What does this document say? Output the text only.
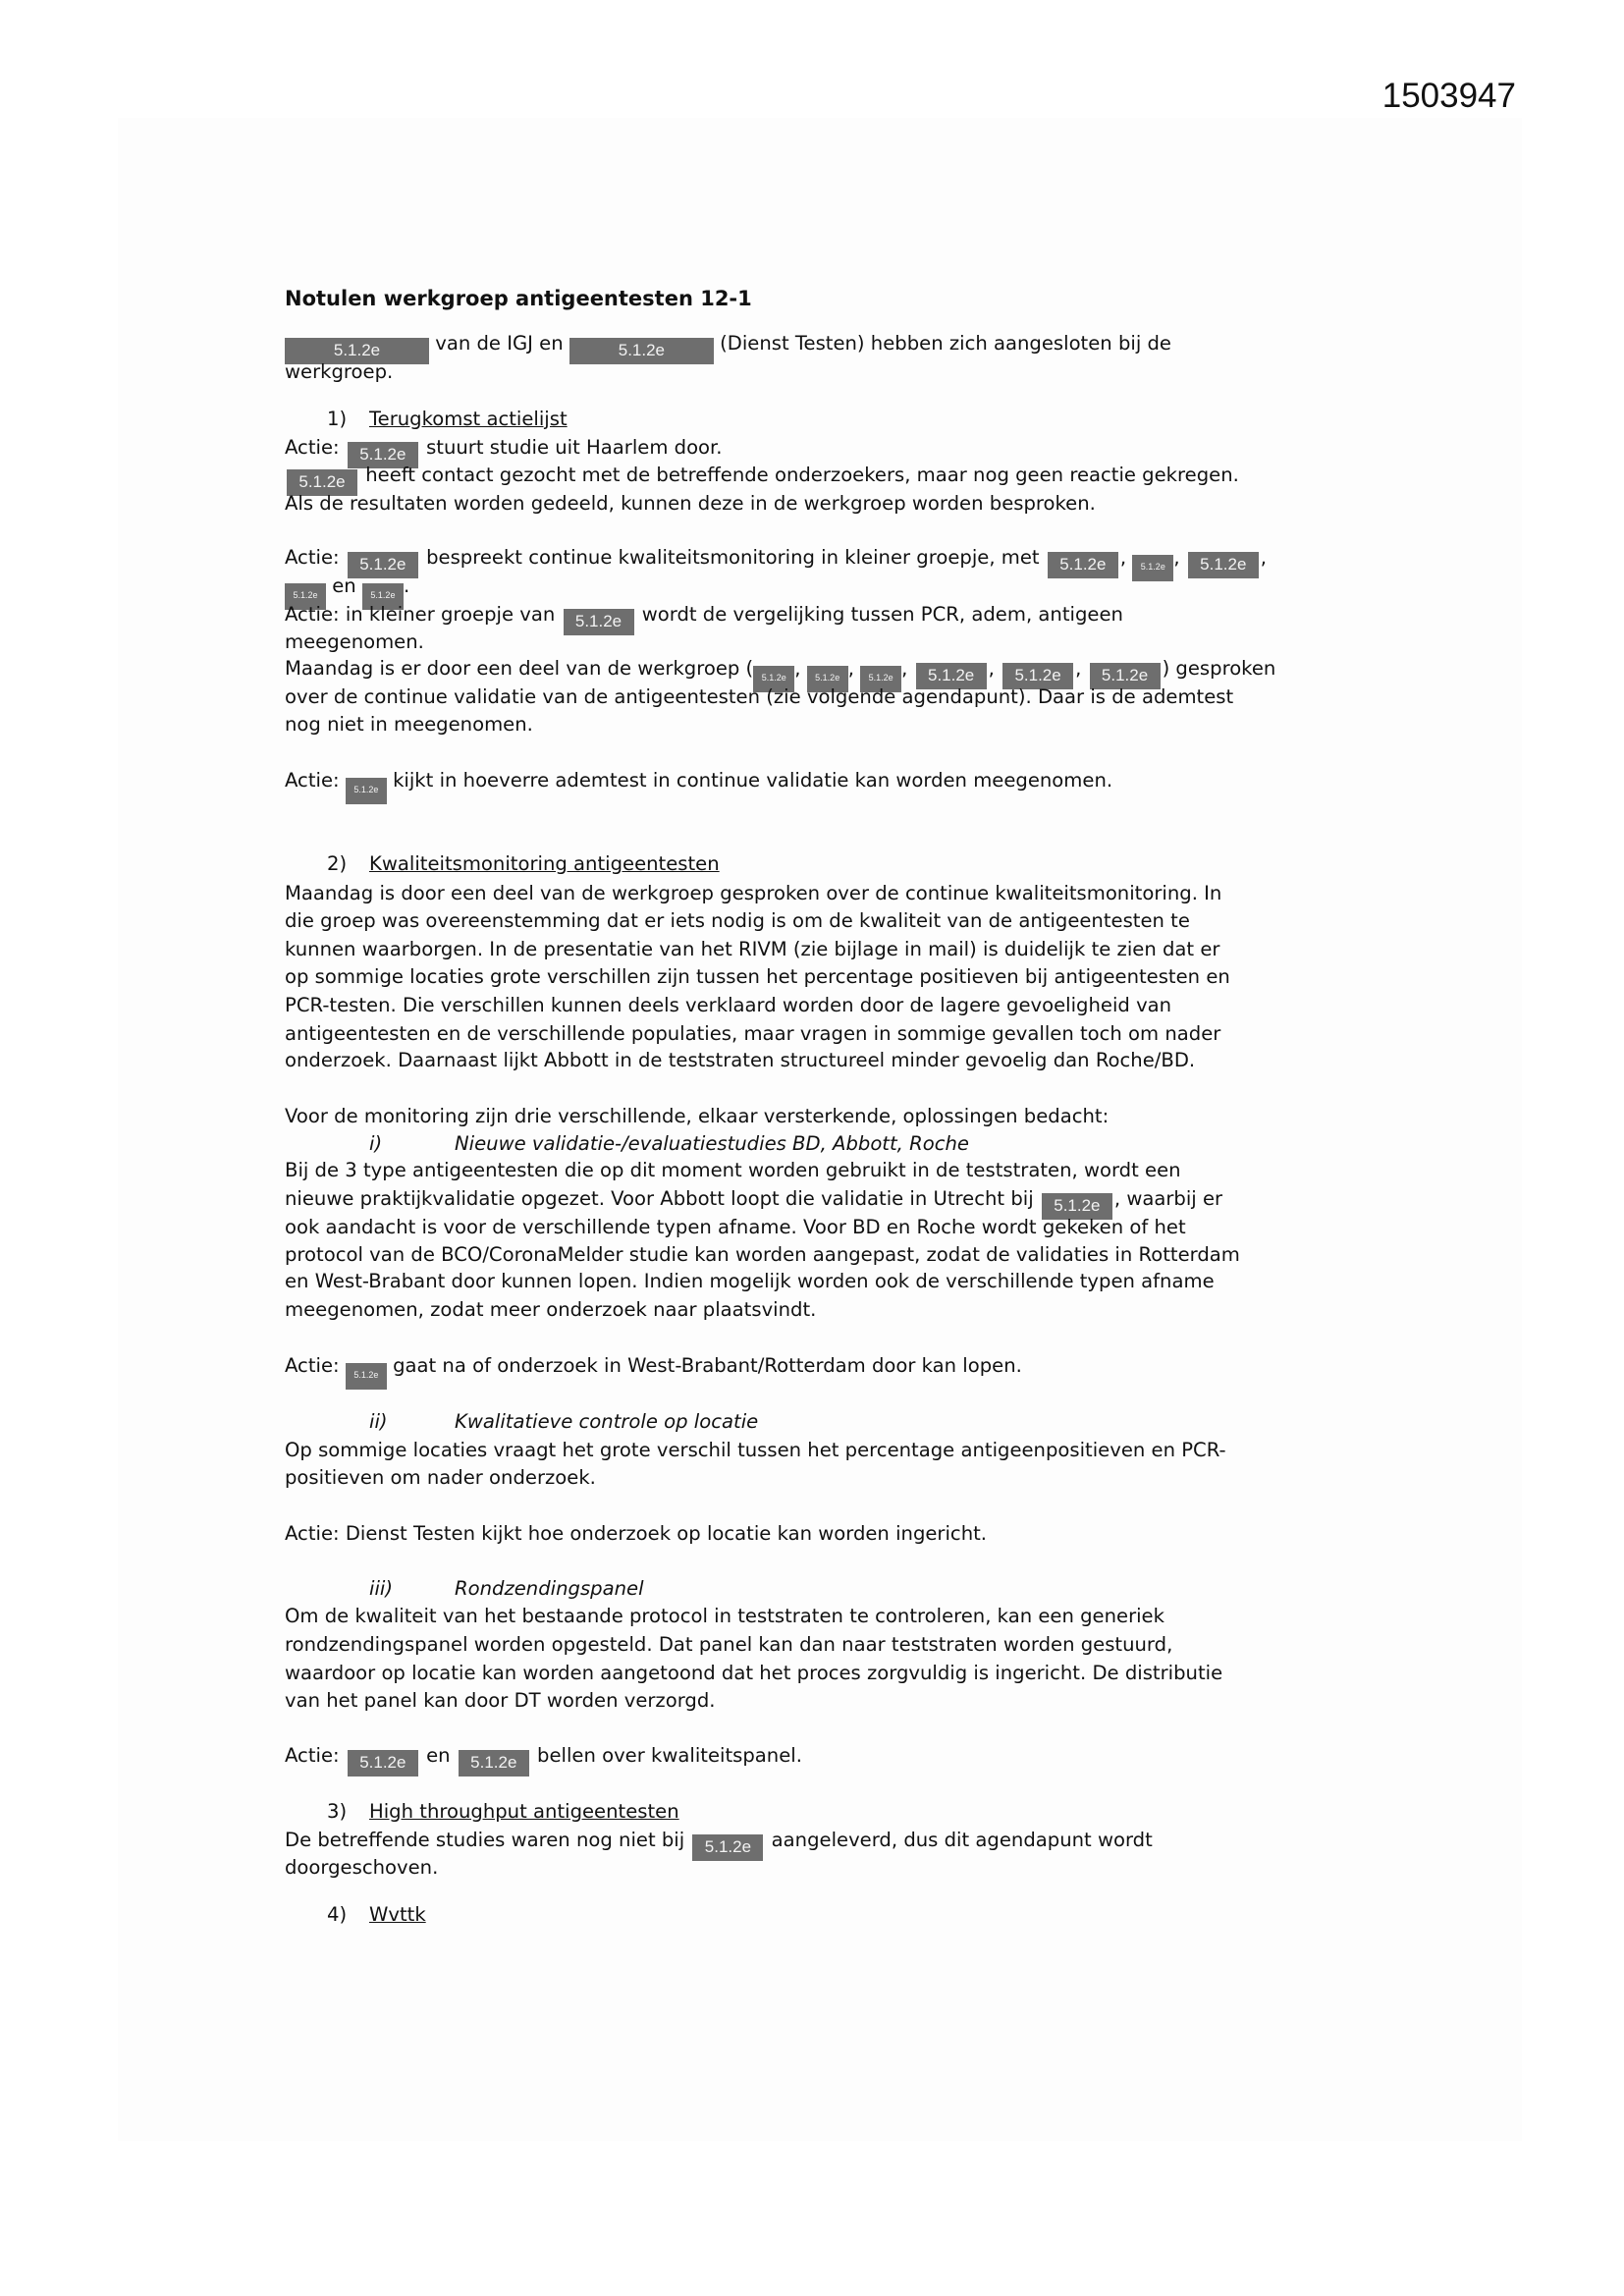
1503947
Notulen werkgroep antigeentesten 12-1
5.1.2e	van de IGJ en	5.1.2e	(Dienst Testen) hebben zich aangesloten bij de
werkgroep.
1) Terugkomst actielijst
Actie: 5.1.2e stuurt studie uit Haarlem door.
5.1.2e heeft contact gezocht met de betreffende onderzoekers, maar nog geen reactie gekregen.
Als de resultaten worden gedeeld, kunnen deze in de werkgroep worden besproken.
Actie: 5.1.2e bespreekt continue kwaliteitsmonitoring in kleiner groepje, met 5.1.2e , 5.1.2e , 5.1.2e ,
5.1.2e en 5.1.2e .
Actie: in kleiner groepje van 5.1.2e wordt de vergelijking tussen PCR, adem, antigeen
meegenomen.
Maandag is er door een deel van de werkgroep ( 5.1.2e , 5.1.2e , 5.1.2e , 5.1.2e , 5.1.2e , 5.1.2e ) gesproken
over de continue validatie van de antigeentesten (zie volgende agendapunt). Daar is de ademtest
nog niet in meegenomen.
Actie: 5.1.2e kijkt in hoeverre ademtest in continue validatie kan worden meegenomen.
2) Kwaliteitsmonitoring antigeentesten
Maandag is door een deel van de werkgroep gesproken over de continue kwaliteitsmonitoring. In
die groep was overeenstemming dat er iets nodig is om de kwaliteit van de antigeentesten te
kunnen waarborgen. In de presentatie van het RIVM (zie bijlage in mail) is duidelijk te zien dat er
op sommige locaties grote verschillen zijn tussen het percentage positieven bij antigeentesten en
PCR-testen. Die verschillen kunnen deels verklaard worden door de lagere gevoeligheid van
antigeentesten en de verschillende populaties, maar vragen in sommige gevallen toch om nader
onderzoek. Daarnaast lijkt Abbott in de teststraten structureel minder gevoelig dan Roche/BD.
Voor de monitoring zijn drie verschillende, elkaar versterkende, oplossingen bedacht:
i)	Nieuwe validatie-/evaluatiestudies BD, Abbott, Roche
Bij de 3 type antigeentesten die op dit moment worden gebruikt in de teststraten, wordt een
nieuwe praktijkvalidatie opgezet. Voor Abbott loopt die validatie in Utrecht bij 5.1.2e , waarbij er
ook aandacht is voor de verschillende typen afname. Voor BD en Roche wordt gekeken of het
protocol van de BCO/CoronaMelder studie kan worden aangepast, zodat de validaties in Rotterdam
en West-Brabant door kunnen lopen. Indien mogelijk worden ook de verschillende typen afname
meegenomen, zodat meer onderzoek naar plaatsvindt.
Actie: 5.1.2e gaat na of onderzoek in West-Brabant/Rotterdam door kan lopen.
ii)	Kwalitatieve controle op locatie
Op sommige locaties vraagt het grote verschil tussen het percentage antigeenpositieven en PCR-
positieven om nader onderzoek.
Actie: Dienst Testen kijkt hoe onderzoek op locatie kan worden ingericht.
iii)	Rondzendingspanel
Om de kwaliteit van het bestaande protocol in teststraten te controleren, kan een generiek
rondzendingspanel worden opgesteld. Dat panel kan dan naar teststraten worden gestuurd,
waardoor op locatie kan worden aangetoond dat het proces zorgvuldig is ingericht. De distributie
van het panel kan door DT worden verzorgd.
Actie: 5.1.2e en 5.1.2e bellen over kwaliteitspanel.
3) High throughput antigeentesten
De betreffende studies waren nog niet bij 5.1.2e aangeleverd, dus dit agendapunt wordt
doorgeschoven.
4) Wvttk
